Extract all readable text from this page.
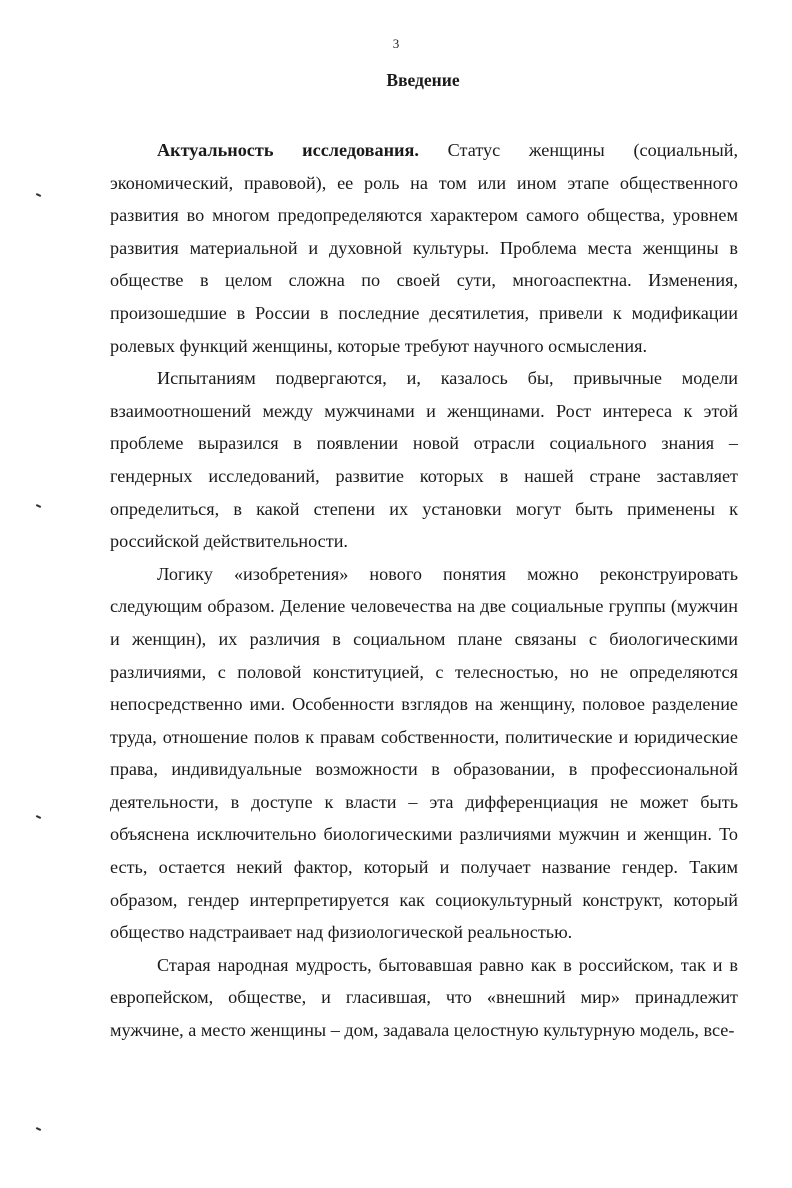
3
Введение

Актуальность исследования. Статус женщины (социальный, экономический, правовой), ее роль на том или ином этапе общественного развития во многом предопределяются характером самого общества, уровнем развития материальной и духовной культуры. Проблема места женщины в обществе в целом сложна по своей сути, многоаспектна. Изменения, произошедшие в России в последние десятилетия, привели к модификации ролевых функций женщины, которые требуют научного осмысления.

Испытаниям подвергаются, и, казалось бы, привычные модели взаимоотношений между мужчинами и женщинами. Рост интереса к этой проблеме выразился в появлении новой отрасли социального знания – гендерных исследований, развитие которых в нашей стране заставляет определиться, в какой степени их установки могут быть применены к российской действительности.

Логику «изобретения» нового понятия можно реконструировать следующим образом. Деление человечества на две социальные группы (мужчин и женщин), их различия в социальном плане связаны с биологическими различиями, с половой конституцией, с телесностью, но не определяются непосредственно ими. Особенности взглядов на женщину, половое разделение труда, отношение полов к правам собственности, политические и юридические права, индивидуальные возможности в образовании, в профессиональной деятельности, в доступе к власти – эта дифференциация не может быть объяснена исключительно биологическими различиями мужчин и женщин. То есть, остается некий фактор, который и получает название гендер. Таким образом, гендер интерпретируется как социокультурный конструкт, который общество надстраивает над физиологической реальностью.

Старая народная мудрость, бытовавшая равно как в российском, так и в европейском, обществе, и гласившая, что «внешний мир» принадлежит мужчине, а место женщины – дом, задавала целостную культурную модель, все-
